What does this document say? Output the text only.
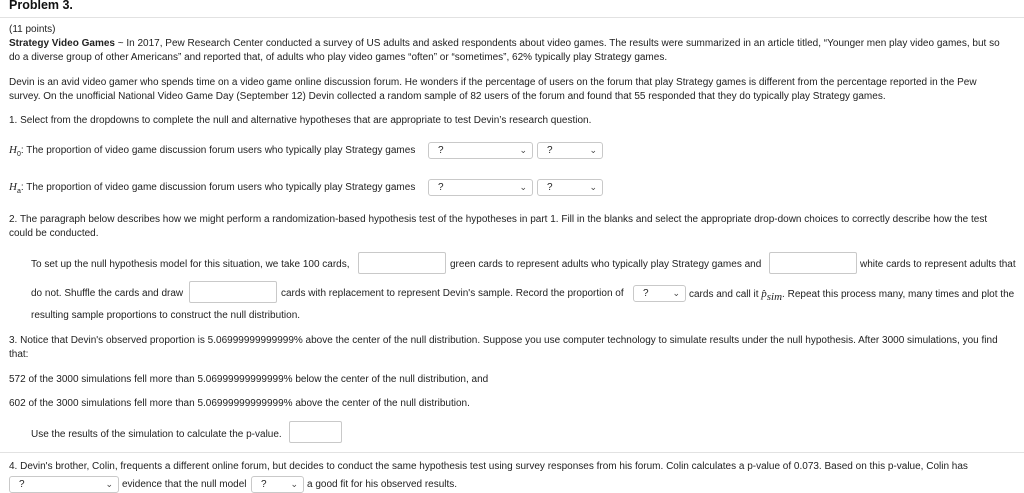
Problem 3.
(11 points)
Strategy Video Games ~ In 2017, Pew Research Center conducted a survey of US adults and asked respondents about video games. The results were summarized in an article titled, “Younger men play video games, but so
do a diverse group of other Americans” and reported that, of adults who play video games “often” or “sometimes”, 62% typically play Strategy games.
Devin is an avid video gamer who spends time on a video game online discussion forum. He wonders if the percentage of users on the forum that play Strategy games is different from the percentage reported in the Pew
survey. On the unofficial National Video Game Day (September 12) Devin collected a random sample of 82 users of the forum and found that 55 responded that they do typically play Strategy games.
1. Select from the dropdowns to complete the null and alternative hypotheses that are appropriate to test Devin’s research question.
$H_0$: The proportion of video game discussion forum users who typically play Strategy games	?	⌄	?	⌄
$H_a$: The proportion of video game discussion forum users who typically play Strategy games	?	⌄	?	⌄
2. The paragraph below describes how we might perform a randomization-based hypothesis test of the hypotheses in part 1. Fill in the blanks and select the appropriate drop-down choices to correctly describe how the test
could be conducted.
To set up the null hypothesis model for this situation, we take 100 cards,	green cards to represent adults who typically play Strategy games and	white cards to represent adults that
do not. Shuffle the cards and draw	cards with replacement to represent Devin's sample. Record the proportion of	?	⌄ cards and call it $p̂_{sim}$. Repeat this process many, many times and plot the
resulting sample proportions to construct the null distribution.
3. Notice that Devin's observed proportion is 5.06999999999999% above the center of the null distribution. Suppose you use computer technology to simulate results under the null hypothesis. After 3000 simulations, you find
that:
572 of the 3000 simulations fell more than 5.06999999999999% below the center of the null distribution, and
602 of the 3000 simulations fell more than 5.06999999999999% above the center of the null distribution.
Use the results of the simulation to calculate the p-value.
4. Devin's brother, Colin, frequents a different online forum, but decides to conduct the same hypothesis test using survey responses from his forum. Colin calculates a p-value of 0.073. Based on this p-value, Colin has
?	⌄ evidence that the null model	?	⌄ a good fit for his observed results.
